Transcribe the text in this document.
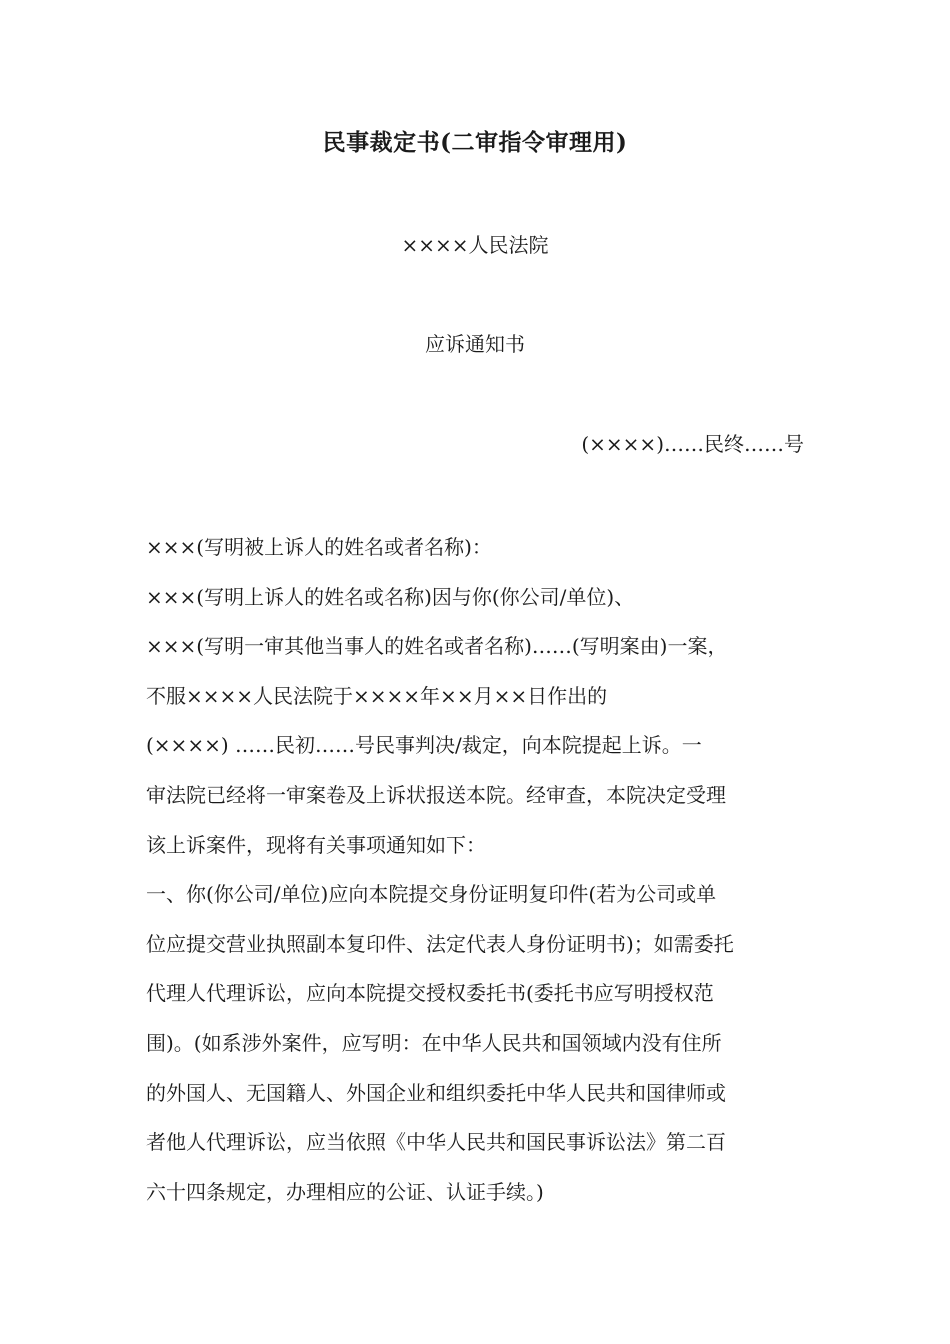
民事裁定书(二审指令审理用)
××××人民法院
应诉通知书
(××××)……民终……号
×××(写明被上诉人的姓名或者名称)：
×××(写明上诉人的姓名或名称)因与你(你公司/单位)、
×××(写明一审其他当事人的姓名或者名称)……(写明案由)一案，
不服××××人民法院于××××年××月××日作出的
(××××) ……民初……号民事判决/裁定，向本院提起上诉。一
审法院已经将一审案卷及上诉状报送本院。经审查，本院决定受理
该上诉案件，现将有关事项通知如下：
一、你(你公司/单位)应向本院提交身份证明复印件(若为公司或单
位应提交营业执照副本复印件、法定代表人身份证明书)；如需委托
代理人代理诉讼，应向本院提交授权委托书(委托书应写明授权范
围)。(如系涉外案件，应写明：在中华人民共和国领域内没有住所
的外国人、无国籍人、外国企业和组织委托中华人民共和国律师或
者他人代理诉讼，应当依照《中华人民共和国民事诉讼法》第二百
六十四条规定，办理相应的公证、认证手续。)
